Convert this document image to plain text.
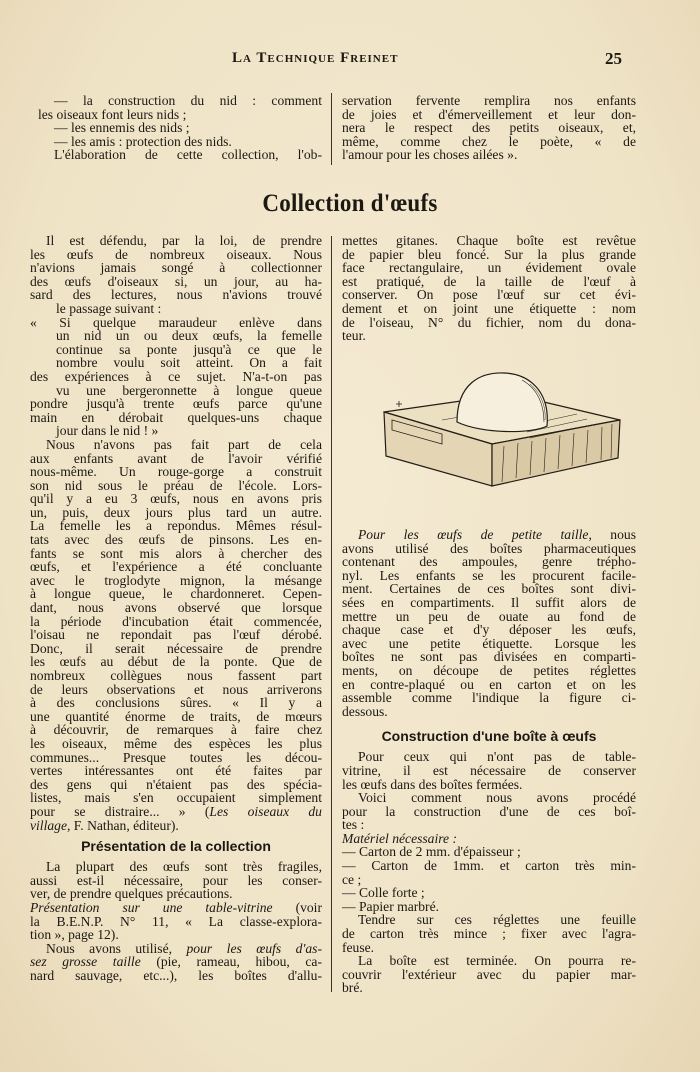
La Technique Freinet	25

— la construction du nid : comment

les oiseaux font leurs nids ;

— les ennemis des nids ;

— les amis : protection des nids.

L'élaboration de cette collection, l'ob-

servation fervente remplira nos enfants

de joies et d'émerveillement et leur don-

nera le respect des petits oiseaux, et,

même, comme chez le poète, « de

l'amour pour les choses ailées ».

Collection d'œufs

Il est défendu, par la loi, de prendre

les œufs de nombreux oiseaux. Nous

n'avions jamais songé à collectionner

des œufs d'oiseaux si, un jour, au ha-

sard des lectures, nous n'avions trouvé

le passage suivant :

« Si quelque maraudeur enlève dans

un nid un ou deux œufs, la femelle

continue sa ponte jusqu'à ce que le

nombre voulu soit atteint. On a fait

des expériences à ce sujet. N'a-t-on pas

vu une bergeronnette à longue queue

pondre jusqu'à trente œufs parce qu'une

main en dérobait quelques-uns chaque

jour dans le nid ! »

Nous n'avons pas fait part de cela

aux enfants avant de l'avoir vérifié

nous-même. Un rouge-gorge a construit

son nid sous le préau de l'école. Lors-

qu'il y a eu 3 œufs, nous en avons pris

un, puis, deux jours plus tard un autre.

La femelle les a repondus. Mêmes résul-

tats avec des œufs de pinsons. Les en-

fants se sont mis alors à chercher des

œufs, et l'expérience a été concluante

avec le troglodyte mignon, la mésange

à longue queue, le chardonneret. Cepen-

dant, nous avons observé que lorsque

la période d'incubation était commencée,

l'oisau ne repondait pas l'œuf dérobé.

Donc, il serait nécessaire de prendre

les œufs au début de la ponte. Que de

nombreux collègues nous fassent part

de leurs observations et nous arriverons

à des conclusions sûres. « Il y a

une quantité énorme de traits, de mœurs

à découvrir, de remarques à faire chez

les oiseaux, même des espèces les plus

communes... Presque toutes les décou-

vertes intéressantes ont été faites par

des gens qui n'étaient pas des spécia-

listes, mais s'en occupaient simplement

pour se distraire... » (Les oiseaux du

village, F. Nathan, éditeur).

Présentation de la collection

La plupart des œufs sont très fragiles,

aussi est-il nécessaire, pour les conser-

ver, de prendre quelques précautions.

Présentation sur une table-vitrine (voir

la B.E.N.P. N° 11, « La classe-explora-

tion », page 12).

Nous avons utilisé, pour les œufs d'as-

sez grosse taille (pie, rameau, hibou, ca-

nard sauvage, etc...), les boîtes d'allu-

mettes gitanes. Chaque boîte est revêtue

de papier bleu foncé. Sur la plus grande

face rectangulaire, un évidement ovale

est pratiqué, de la taille de l'œuf à

conserver. On pose l'œuf sur cet évi-

dement et on joint une étiquette : nom

de l'oiseau, N° du fichier, nom du dona-

teur.

Pour les œufs de petite taille, nous

avons utilisé des boîtes pharmaceutiques

contenant des ampoules, genre trépho-

nyl. Les enfants se les procurent facile-

ment. Certaines de ces boîtes sont divi-

sées en compartiments. Il suffit alors de

mettre un peu de ouate au fond de

chaque case et d'y déposer les œufs,

avec une petite étiquette. Lorsque les

boîtes ne sont pas divisées en comparti-

ments, on découpe de petites réglettes

en contre-plaqué ou en carton et on les

assemble comme l'indique la figure ci-

dessous.

Construction d'une boîte à œufs

Pour ceux qui n'ont pas de table-

vitrine, il est nécessaire de conserver

les œufs dans des boîtes fermées.

Voici comment nous avons procédé

pour la construction d'une de ces boî-

tes :

Matériel nécessaire :

— Carton de 2 mm. d'épaisseur ;

— Carton de 1mm. et carton très min-

ce ;

— Colle forte ;

— Papier marbré.

Tendre sur ces réglettes une feuille

de carton très mince ; fixer avec l'agra-

feuse.

La boîte est terminée. On pourra re-

couvrir l'extérieur avec du papier mar-

bré.
